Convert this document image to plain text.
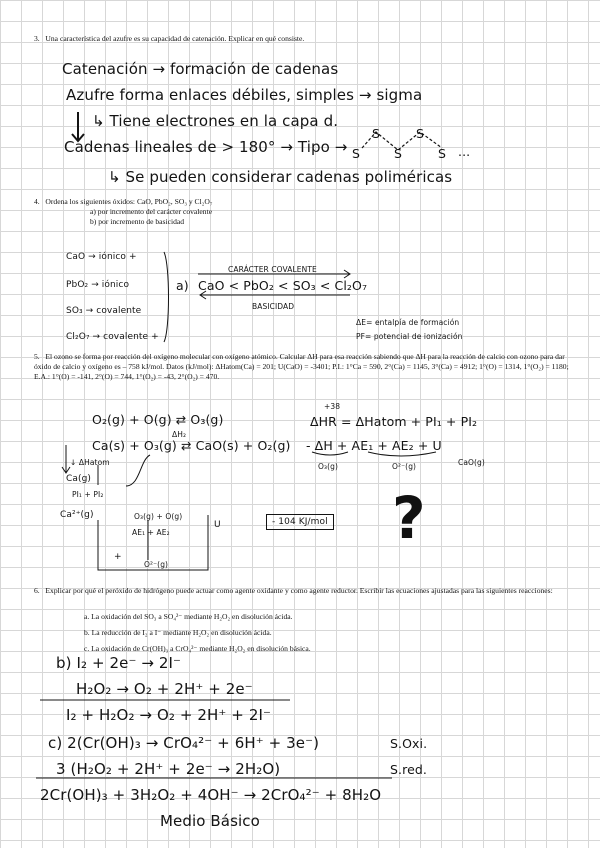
3. Una característica del azufre es su capacidad de catenación. Explicar en qué consiste.
Catenación → formación de cadenas
Azufre forma enlaces débiles, simples → sigma
↳ Tiene electrones en la capa d.
Cadenas lineales de > 180° → Tipo → S
S
S
S
S ...
↳ Se pueden considerar cadenas poliméricas
4. Ordena los siguientes óxidos: CaO, PbO₂, SO₃ y Cl₂O₇
a) por incremento del carácter covalente
b) por incremento de basicidad
CaO → iónico +
PbO₂ → iónico
SO₃ → covalente
Cl₂O₇ → covalente +
CARÁCTER COVALENTE
a) CaO < PbO₂ < SO₃ < Cl₂O₇
BASICIDAD
ΔE= entalpía de formación
PF= potencial de ionización
5. El ozono se forma por reacción del oxígeno molecular con oxígeno atómico. Calcular ΔH para esa reacción sabiendo que ΔH para la reacción de calcio con ozono para dar óxido de calcio y oxígeno es – 758 kJ/mol. Datos (kJ/mol): ΔHatom(Ca) = 201; U(CaO) = -3401; P.I.: 1°Ca = 590, 2°(Ca) = 1145, 3°(Ca) = 4912; 1°(O) = 1314, 1°(O₂) = 1180; E.A.: 1°(O) = -141, 2°(O) = 744, 1°(O₂) = -43, 2°(O₂) = 470.
O₂(g) + O(g) ⇄ O₃(g)
Ca(s) + O₃(g) ⇄ CaO(s) + O₂(g)
ΔH₂
+38
ΔHR = ΔHatom + PI₁ + PI₂
- ΔH + AE₁ + AE₂ + U
O₃(g)	O²⁻(g)	CaO(g)
↓ ΔHatom
Ca(g)
PI₁ + PI₂
Ca²⁺(g)	O₃(g) + O(g)
AE₁ + AE₂
O²⁻(g)
U
+
- 104 KJ/mol ?
6. Explicar por qué el peróxido de hidrógeno puede actuar como agente oxidante y como agente reductor. Escribir las ecuaciones ajustadas para las siguientes reacciones:
a. La oxidación del SO₃ a SO₄²⁻ mediante H₂O₂ en disolución ácida.
b. La reducción de I₂ a I⁻ mediante H₂O₂ en disolución ácida.
c. La oxidación de Cr(OH)₃ a CrO₄²⁻ mediante H₂O₂ en disolución básica.
b) I₂ + 2e⁻ → 2I⁻
H₂O₂ → O₂ + 2H⁺ + 2e⁻
I₂ + H₂O₂ → O₂ + 2H⁺ + 2I⁻
c) 2(Cr(OH)₃ → CrO₄²⁻ + 6H⁺ + 3e⁻)	S.Oxi.
3 (H₂O₂ + 2H⁺ + 2e⁻ → 2H₂O)	S.red.
2Cr(OH)₃ + 3H₂O₂ + 4OH⁻ → 2CrO₄²⁻ + 8H₂O
Medio Básico
